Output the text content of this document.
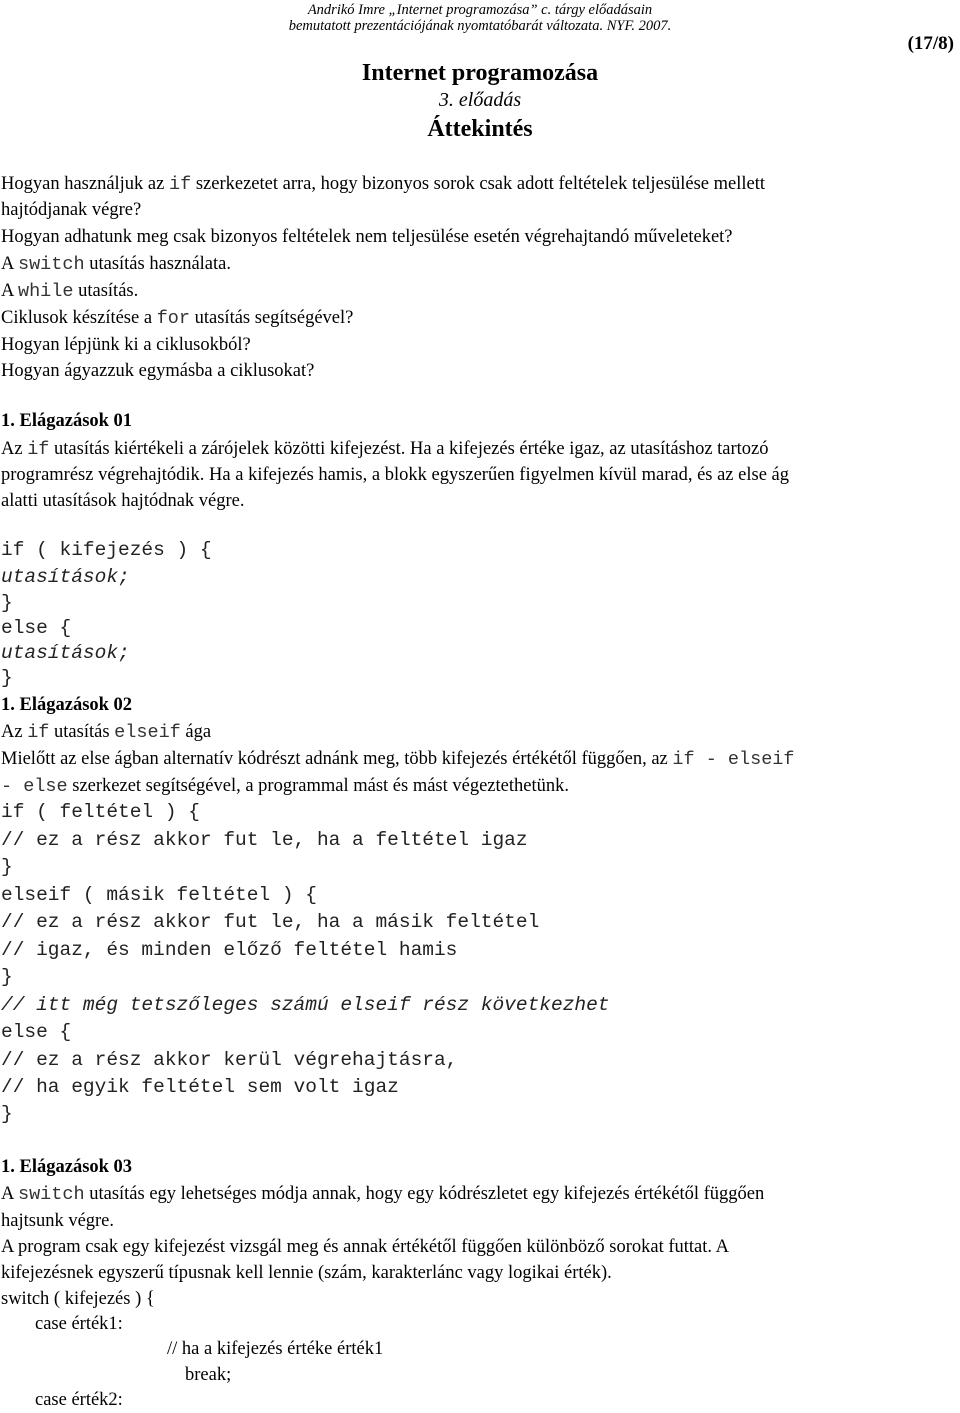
Andrikó Imre „Internet programozása” c. tárgy előadásain
bemutatott prezentációjának nyomtatóbarát változata. NYF. 2007.
(17/8)
Internet programozása
3. előadás
Áttekintés
Hogyan használjuk az if szerkezetet arra, hogy bizonyos sorok csak adott feltételek teljesülése mellett
hajtódjanak végre?
Hogyan adhatunk meg csak bizonyos feltételek nem teljesülése esetén végrehajtandó műveleteket?
A switch utasítás használata.
A while utasítás.
Ciklusok készítése a for utasítás segítségével?
Hogyan lépjünk ki a ciklusokból?
Hogyan ágyazzuk egymásba a ciklusokat?
1. Elágazások 01
Az if utasítás kiértékeli a zárójelek közötti kifejezést. Ha a kifejezés értéke igaz, az utasításhoz tartozó
programrész végrehajtódik. Ha a kifejezés hamis, a blokk egyszerűen figyelmen kívül marad, és az else ág
alatti utasítások hajtódnak végre.
if ( kifejezés ) {
utasítások;
}
else {
utasítások;
}
1. Elágazások 02
Az if utasítás elseif ága
Mielőtt az else ágban alternatív kódrészt adnánk meg, több kifejezés értékétől függően, az if - elseif
- else szerkezet segítségével, a programmal mást és mást végeztethetünk.
if ( feltétel ) {
// ez a rész akkor fut le, ha a feltétel igaz
}
elseif ( másik feltétel ) {
// ez a rész akkor fut le, ha a másik feltétel
// igaz, és minden előző feltétel hamis
}
// itt még tetszőleges számú elseif rész következhet
else {
// ez a rész akkor kerül végrehajtásra,
// ha egyik feltétel sem volt igaz
}
1. Elágazások 03
A switch utasítás egy lehetséges módja annak, hogy egy kódrészletet egy kifejezés értékétől függően
hajtsunk végre.
A program csak egy kifejezést vizsgál meg és annak értékétől függően különböző sorokat futtat. A
kifejezésnek egyszerű típusnak kell lennie (szám, karakterlánc vagy logikai érték).
switch ( kifejezés ) {
case érték1:
// ha a kifejezés értéke érték1
break;
case érték2:
